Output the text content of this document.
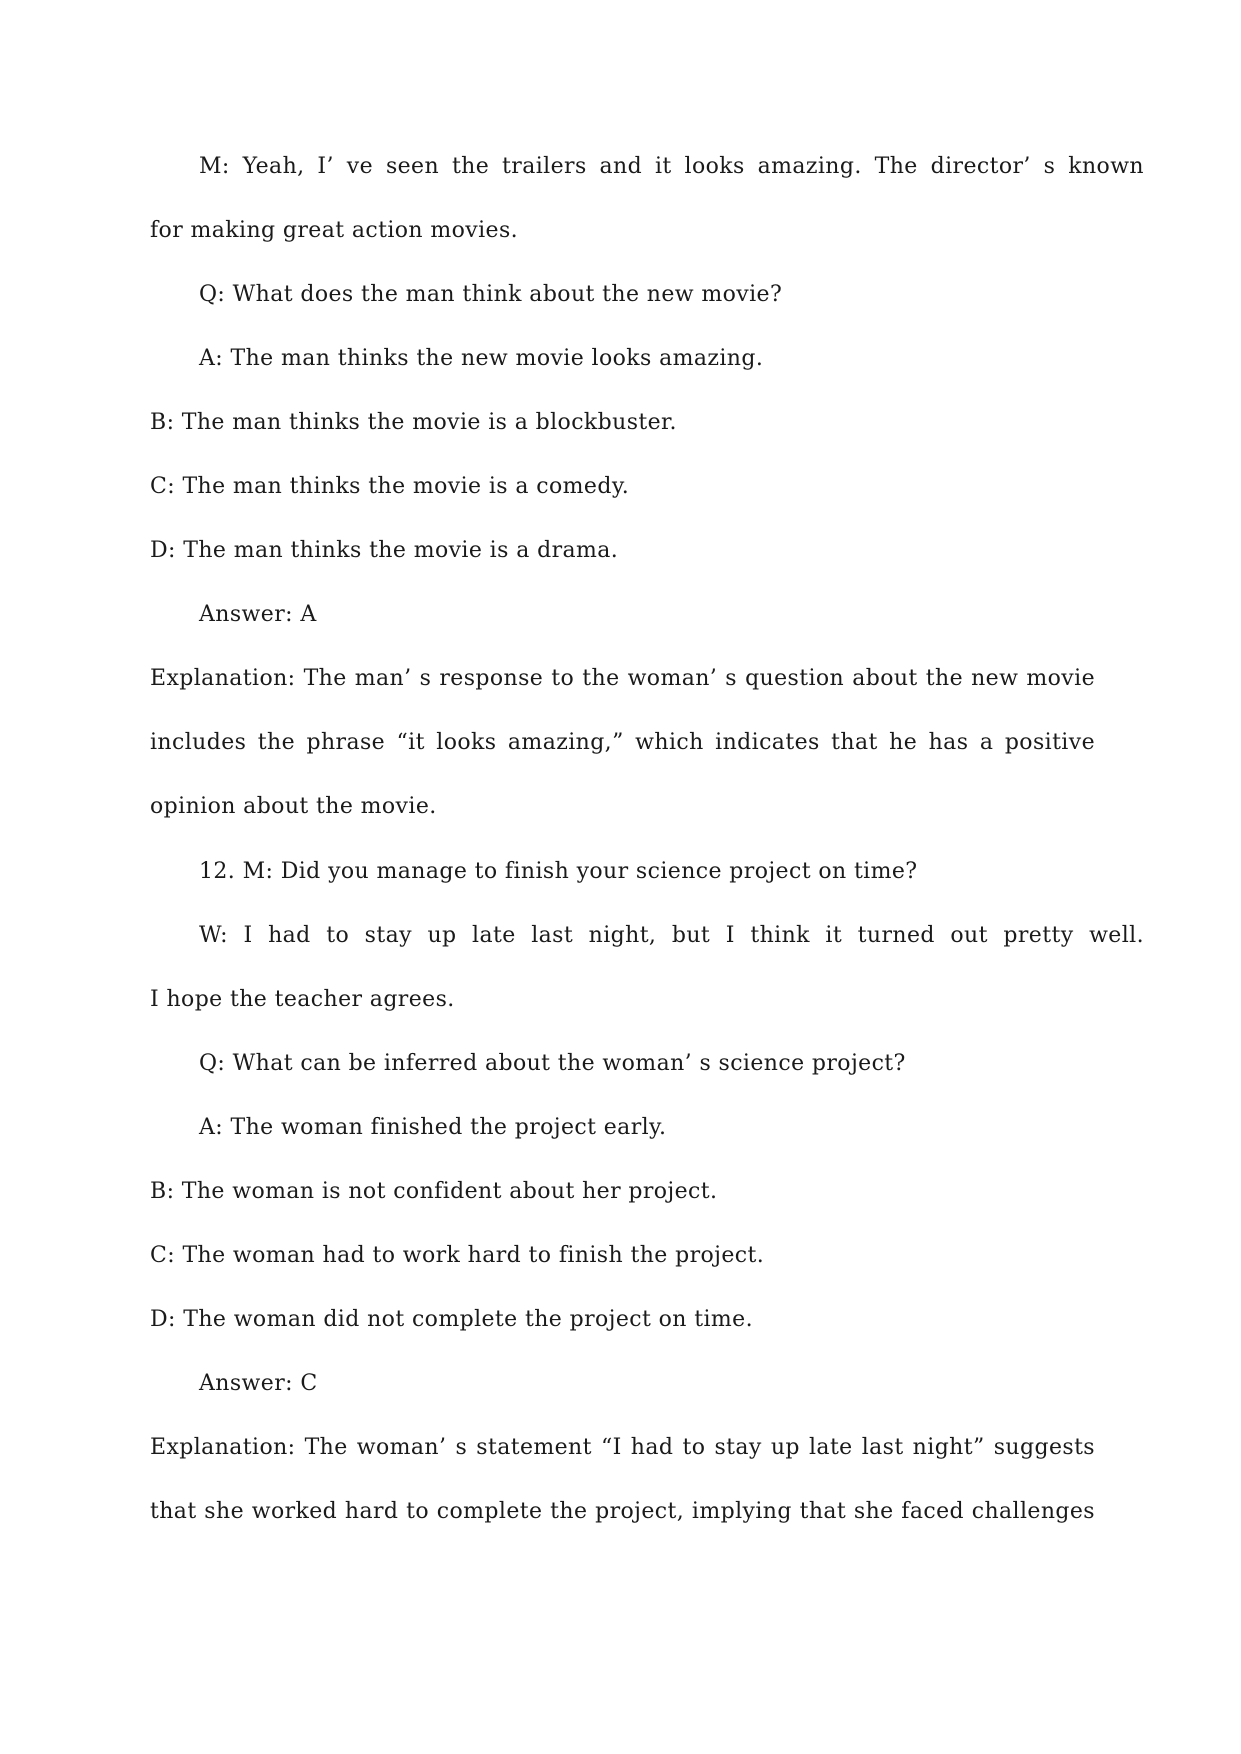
M: Yeah, I’ ve seen the trailers and it looks amazing. The director’ s known
for making great action movies.
Q: What does the man think about the new movie?
A: The man thinks the new movie looks amazing.
B: The man thinks the movie is a blockbuster.
C: The man thinks the movie is a comedy.
D: The man thinks the movie is a drama.
Answer: A
Explanation: The man’ s response to the woman’ s question about the new movie
includes the phrase “it looks amazing,” which indicates that he has a positive
opinion about the movie.
12. M: Did you manage to finish your science project on time?
W: I had to stay up late last night, but I think it turned out pretty well.
I hope the teacher agrees.
Q: What can be inferred about the woman’ s science project?
A: The woman finished the project early.
B: The woman is not confident about her project.
C: The woman had to work hard to finish the project.
D: The woman did not complete the project on time.
Answer: C
Explanation: The woman’ s statement “I had to stay up late last night” suggests
that she worked hard to complete the project, implying that she faced challenges
